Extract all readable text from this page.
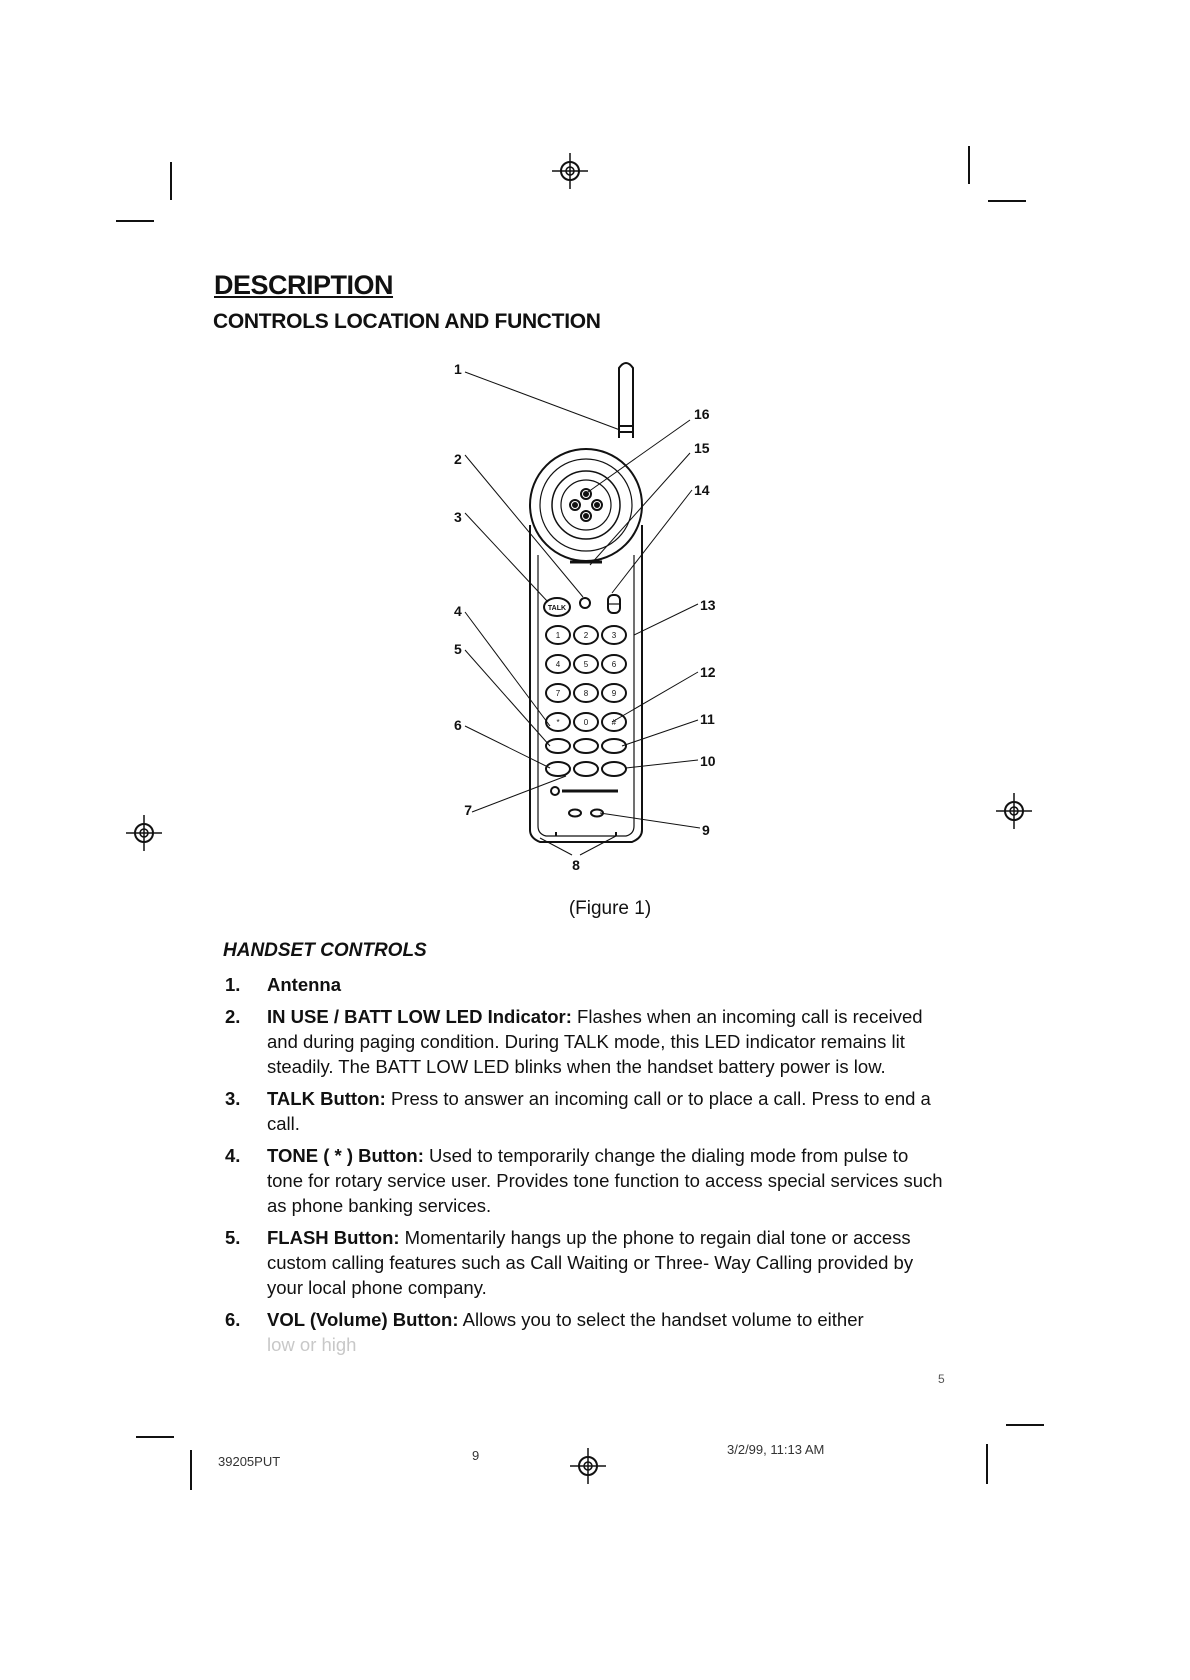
DESCRIPTION
CONTROLS LOCATION AND FUNCTION
1	2	3
4	5	6
7	8	9
*	0	#
1
2
3
4
5
6
7
8
9
10
11
12
13
14
15
16
TALK
(Figure 1)
HANDSET CONTROLS
1. Antenna
2. IN USE / BATT LOW LED Indicator: Flashes when an incoming call is received and during paging condition. During TALK mode, this LED indicator remains lit steadily. The BATT LOW LED blinks when the handset battery power is low.
3. TALK Button: Press to answer an incoming call or to place a call. Press to end a call.
4. TONE ( * ) Button: Used to temporarily change the dialing mode from pulse to tone for rotary service user. Provides tone function to access special services such as phone banking services.
5. FLASH Button: Momentarily hangs up the phone to regain dial tone or access custom calling features such as Call Waiting or Three- Way Calling provided by your local phone company.
6. VOL (Volume) Button: Allows you to select the handset volume to either
low or high
5
39205PUT	9	3/2/99, 11:13 AM
